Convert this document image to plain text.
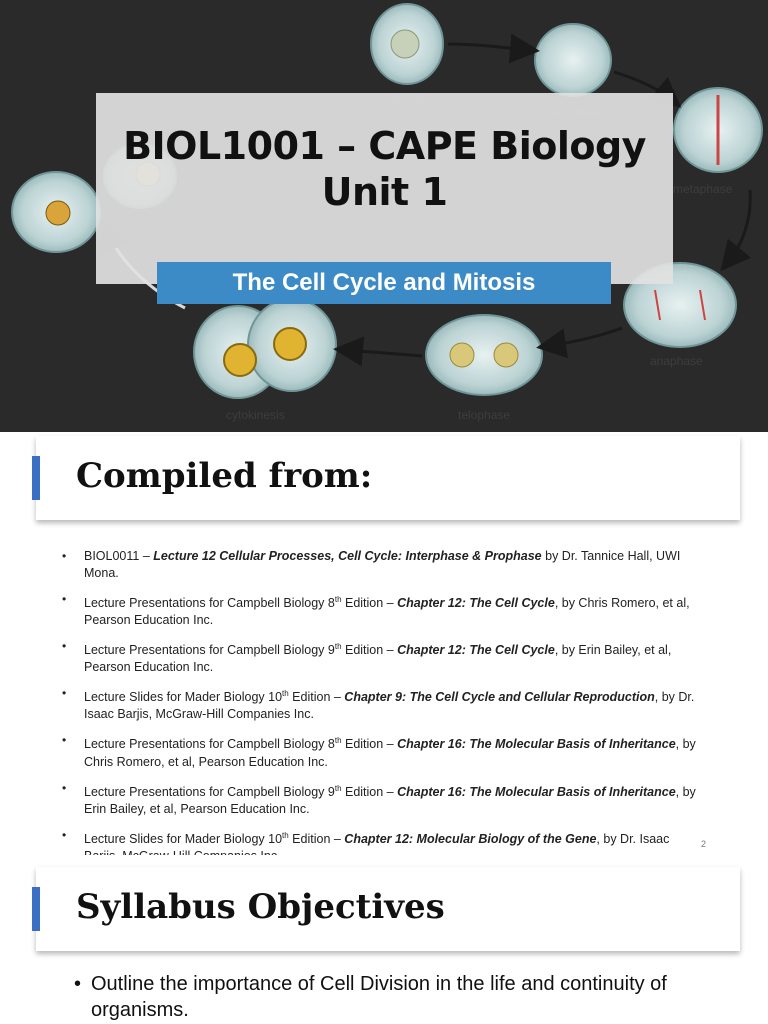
metaphase
anaphase
telophase
cytokinesis
BIOL1001 – CAPE Biology
Unit 1
The Cell Cycle and Mitosis
Compiled from:
• BIOL0011 – Lecture 12 Cellular Processes, Cell Cycle: Interphase & Prophase by Dr. Tannice Hall, UWI Mona.
• Lecture Presentations for Campbell Biology 8th Edition – Chapter 12: The Cell Cycle, by Chris Romero, et al, Pearson Education Inc.
• Lecture Presentations for Campbell Biology 9th Edition – Chapter 12: The Cell Cycle, by Erin Bailey, et al, Pearson Education Inc.
• Lecture Slides for Mader Biology 10th Edition – Chapter 9: The Cell Cycle and Cellular Reproduction, by Dr. Isaac Barjis, McGraw-Hill Companies Inc.
• Lecture Presentations for Campbell Biology 8th Edition – Chapter 16: The Molecular Basis of Inheritance, by Chris Romero, et al, Pearson Education Inc.
• Lecture Presentations for Campbell Biology 9th Edition – Chapter 16: The Molecular Basis of Inheritance, by Erin Bailey, et al, Pearson Education Inc.
• Lecture Slides for Mader Biology 10th Edition – Chapter 12: Molecular Biology of the Gene, by Dr. Isaac	2
Syllabus Objectives
• Outline the importance of Cell Division in the life and continuity of organisms.
